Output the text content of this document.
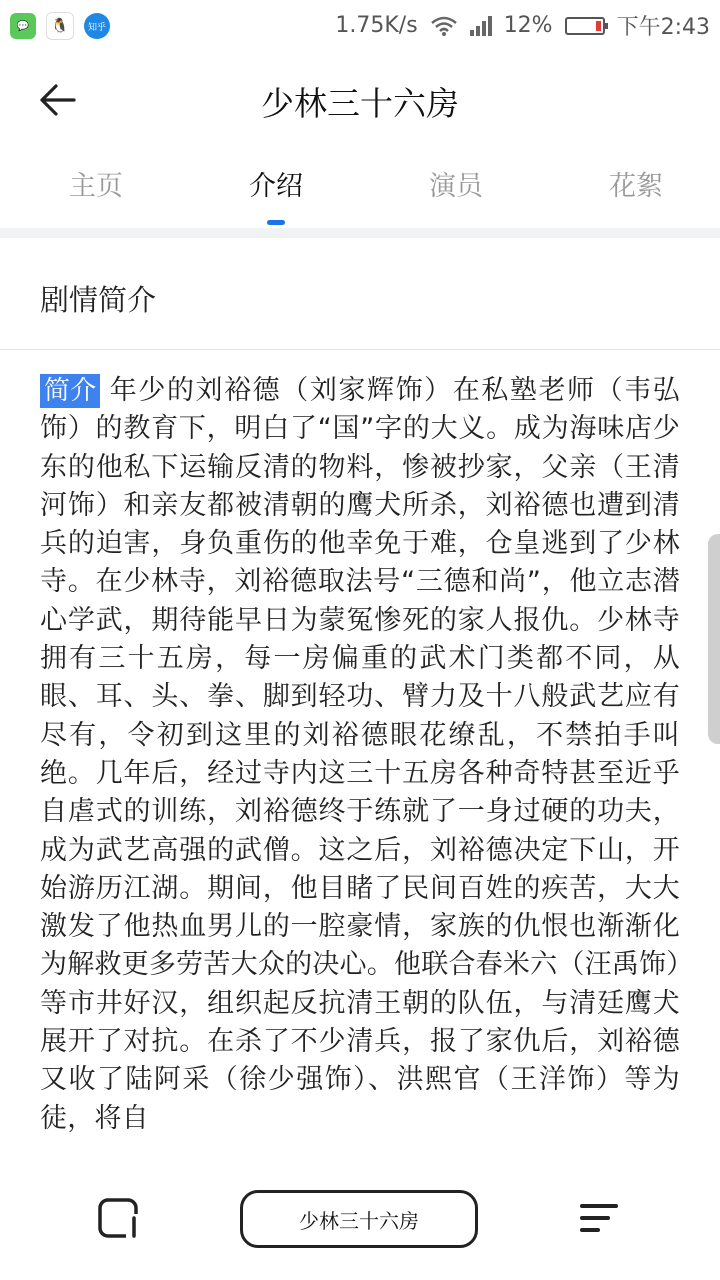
💬	🐧	知乎	1.75K/s	12%	下午2:43
少林三十六房
主页	介绍	演员	花絮
剧情简介
简介 年少的刘裕德（刘家辉饰）在私塾老师（韦弘饰）的教育下，明白了“国”字的大义。成为海味店少东的他私下运输反清的物料，惨被抄家，父亲（王清河饰）和亲友都被清朝的鹰犬所杀，刘裕德也遭到清兵的迫害，身负重伤的他幸免于难，仓皇逃到了少林寺。在少林寺，刘裕德取法号“三德和尚”，他立志潜心学武，期待能早日为蒙冤惨死的家人报仇。少林寺拥有三十五房，每一房偏重的武术门类都不同，从眼、耳、头、拳、脚到轻功、臂力及十八般武艺应有尽有，令初到这里的刘裕德眼花缭乱，不禁拍手叫绝。几年后，经过寺内这三十五房各种奇特甚至近乎自虐式的训练，刘裕德终于练就了一身过硬的功夫，成为武艺高强的武僧。这之后，刘裕德决定下山，开始游历江湖。期间，他目睹了民间百姓的疾苦，大大激发了他热血男儿的一腔豪情，家族的仇恨也渐渐化为解救更多劳苦大众的决心。他联合春米六（汪禹饰）等市井好汉，组织起反抗清王朝的队伍，与清廷鹰犬展开了对抗。在杀了不少清兵，报了家仇后，刘裕德又收了陆阿采（徐少强饰）、洪熙官（王洋饰）等为徒，将自
少林三十六房
